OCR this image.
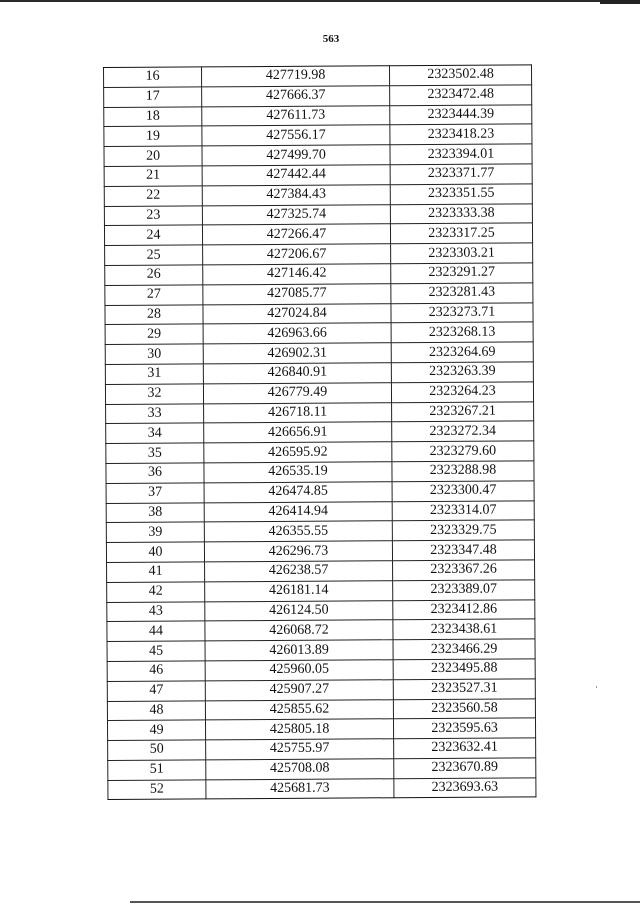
563
16	427719.98	2323502.48
17	427666.37	2323472.48
18	427611.73	2323444.39
19	427556.17	2323418.23
20	427499.70	2323394.01
21	427442.44	2323371.77
22	427384.43	2323351.55
23	427325.74	2323333.38
24	427266.47	2323317.25
25	427206.67	2323303.21
26	427146.42	2323291.27
27	427085.77	2323281.43
28	427024.84	2323273.71
29	426963.66	2323268.13
30	426902.31	2323264.69
31	426840.91	2323263.39
32	426779.49	2323264.23
33	426718.11	2323267.21
34	426656.91	2323272.34
35	426595.92	2323279.60
36	426535.19	2323288.98
37	426474.85	2323300.47
38	426414.94	2323314.07
39	426355.55	2323329.75
40	426296.73	2323347.48
41	426238.57	2323367.26
42	426181.14	2323389.07
43	426124.50	2323412.86
44	426068.72	2323438.61
45	426013.89	2323466.29
46	425960.05	2323495.88
47	425907.27	2323527.31
48	425855.62	2323560.58
49	425805.18	2323595.63
50	425755.97	2323632.41
51	425708.08	2323670.89
52	425681.73	2323693.63
